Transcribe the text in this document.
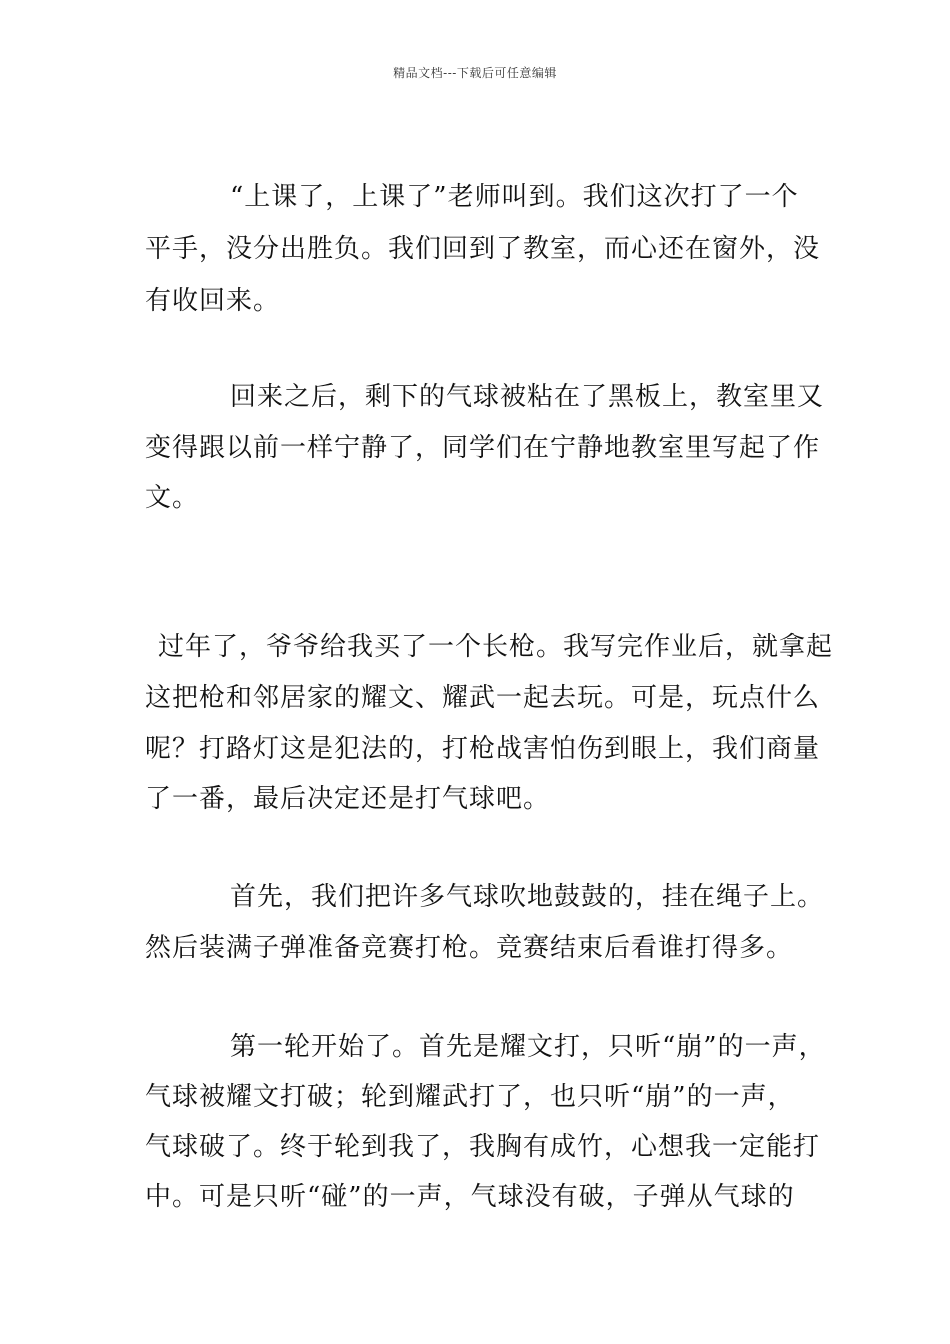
精品文档---下载后可任意编辑
“上课了，上课了”老师叫到。我们这次打了一个
平手，没分出胜负。我们回到了教室，而心还在窗外，没
有收回来。
回来之后，剩下的气球被粘在了黑板上，教室里又
变得跟以前一样宁静了，同学们在宁静地教室里写起了作
文。
过年了，爷爷给我买了一个长枪。我写完作业后，就拿起
这把枪和邻居家的耀文、耀武一起去玩。可是，玩点什么
呢？打路灯这是犯法的，打枪战害怕伤到眼上，我们商量
了一番，最后决定还是打气球吧。
首先，我们把许多气球吹地鼓鼓的，挂在绳子上。
然后装满子弹准备竞赛打枪。竞赛结束后看谁打得多。
第一轮开始了。首先是耀文打，只听“崩”的一声，
气球被耀文打破；轮到耀武打了，也只听“崩”的一声，
气球破了。终于轮到我了，我胸有成竹，心想我一定能打
中。可是只听“碰”的一声，气球没有破，子弹从气球的
